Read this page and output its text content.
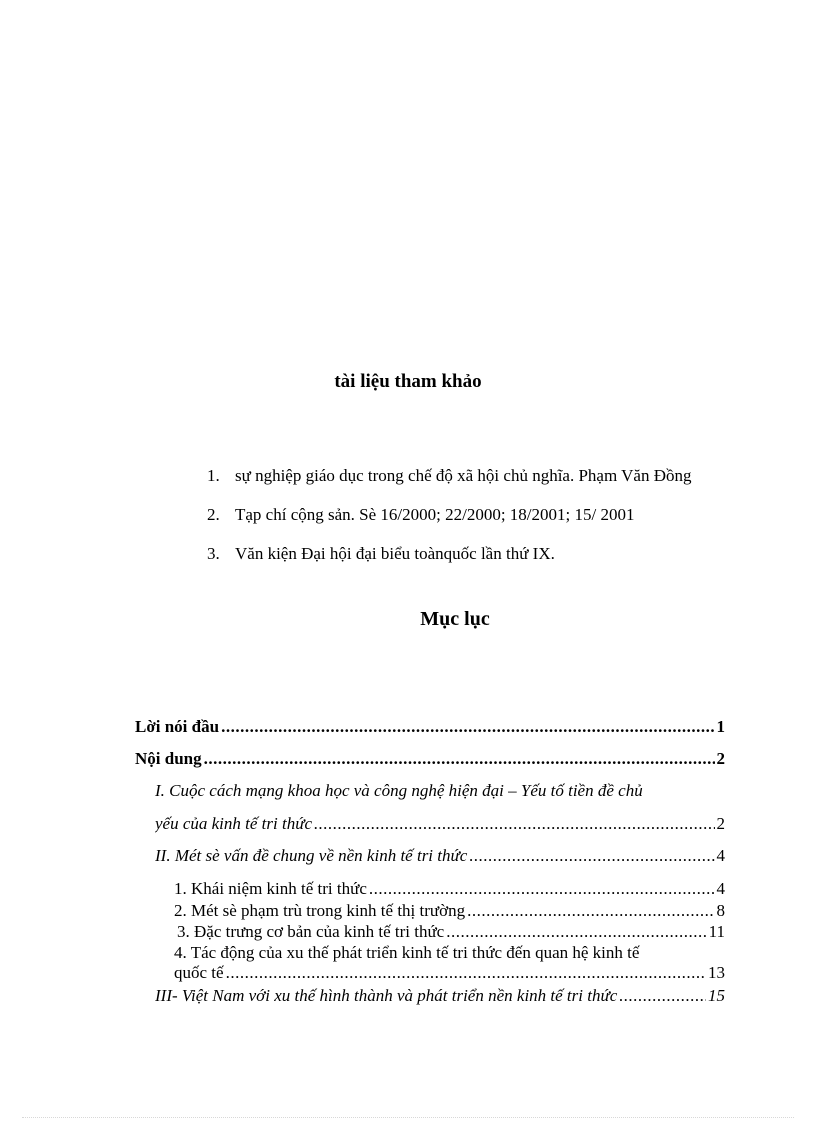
tài liệu tham khảo
1. sự nghiệp giáo dục trong chế độ xã hội chủ nghĩa. Phạm Văn Đồng
2. Tạp chí cộng sản. Sè 16/2000; 22/2000; 18/2001; 15/ 2001
3. Văn kiện Đại hội đại biểu toànquốc lần thứ IX.
Mục lục
Lời nói đầu .....	1
Nội dung .....	2
I. Cuộc cách mạng khoa học và công nghệ hiện đại – Yếu tố tiền đề chủ
yếu của kinh tế tri thức .....	2
II. Mét sè vấn đề chung về nền kinh tế tri thức .....	4
1. Khái niệm kinh tế tri thức .....	4
2. Mét sè phạm trù trong kinh tế thị trường .....	8
3. Đặc trưng cơ bản của kinh tế tri thức .....	11
4. Tác động của xu thế phát triển kinh tế tri thức đến quan hệ kinh tế
quốc tế .....	13
III- Việt Nam với xu thế hình thành và phát triển nền kinh tế tri thức .....	15
